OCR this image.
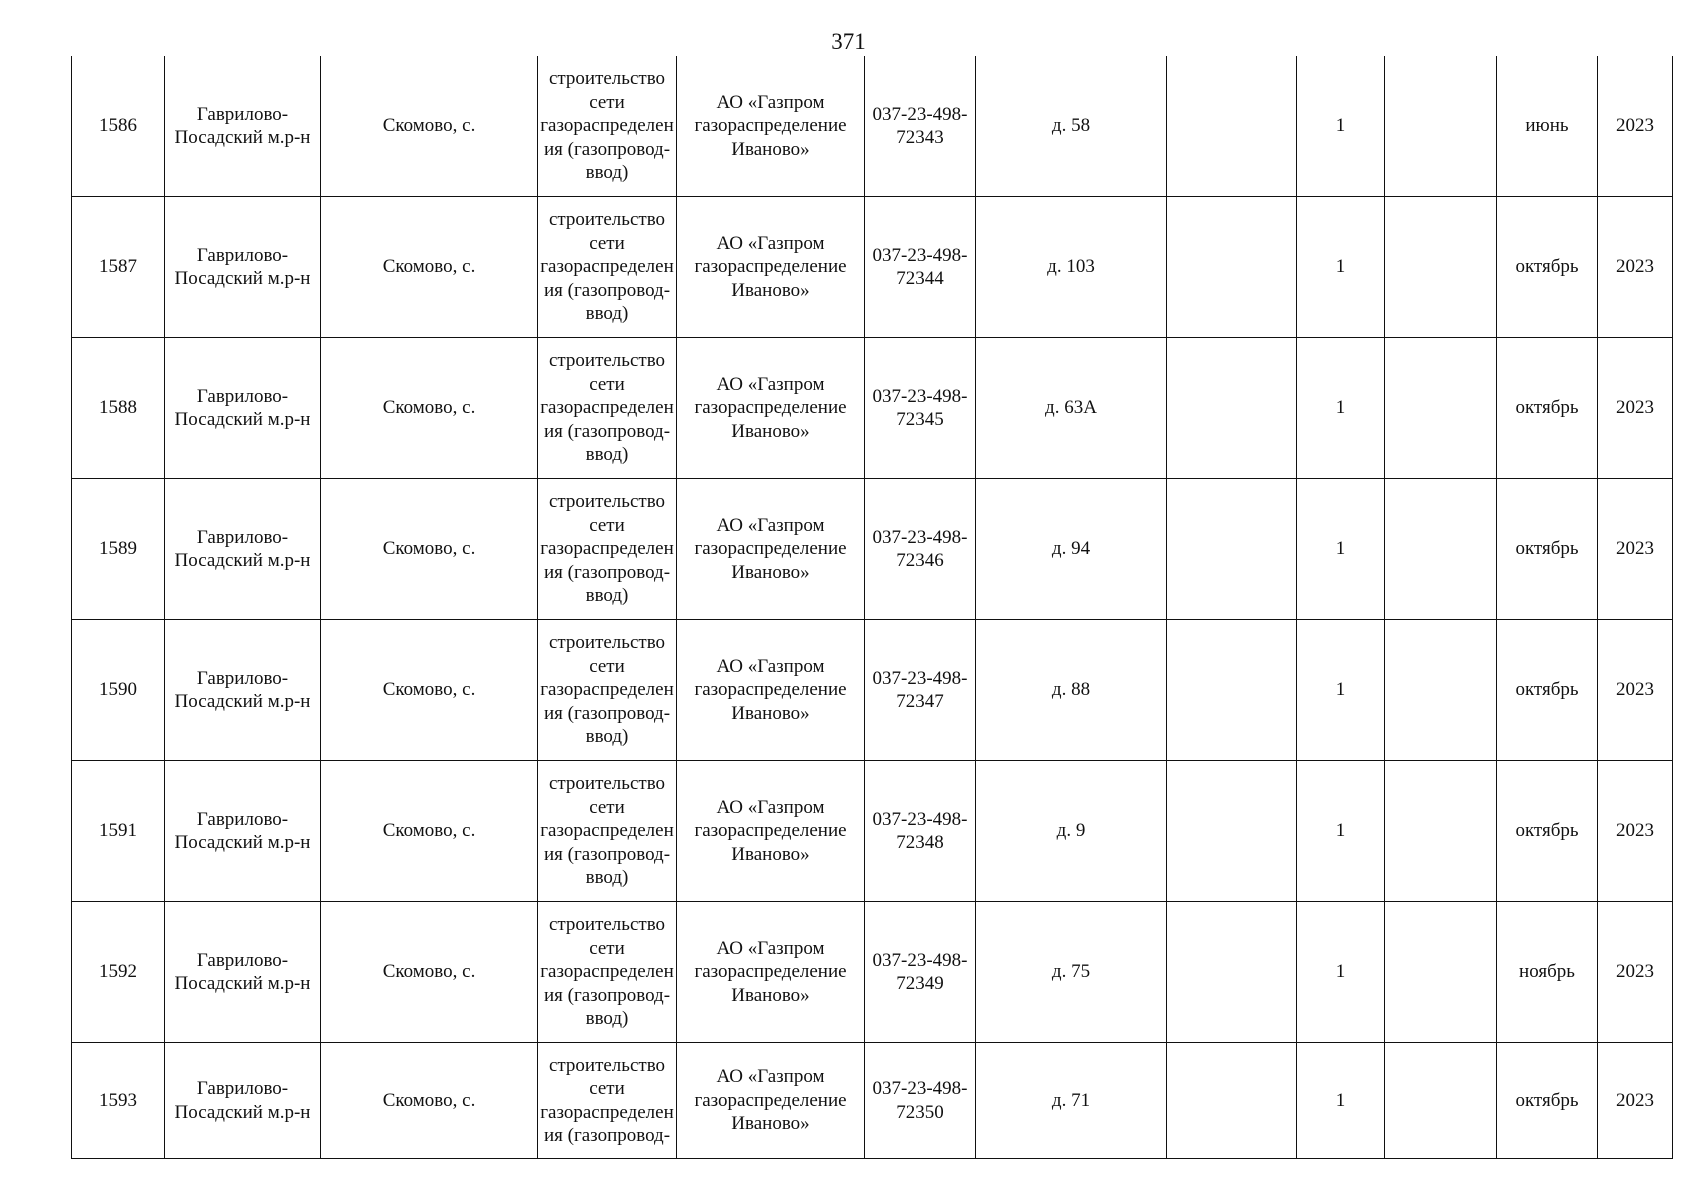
371
1586	Гаврилово-Посадский м.р-н	Скомово, с.	строительство сети газораспределения (газопровод-ввод)	АО «Газпром газораспределение Иваново»	037-23-498-72343	д. 58		1		июнь	2023
1587	Гаврилово-Посадский м.р-н	Скомово, с.	строительство сети газораспределения (газопровод-ввод)	АО «Газпром газораспределение Иваново»	037-23-498-72344	д. 103		1		октябрь	2023
1588	Гаврилово-Посадский м.р-н	Скомово, с.	строительство сети газораспределения (газопровод-ввод)	АО «Газпром газораспределение Иваново»	037-23-498-72345	д. 63А		1		октябрь	2023
1589	Гаврилово-Посадский м.р-н	Скомово, с.	строительство сети газораспределения (газопровод-ввод)	АО «Газпром газораспределение Иваново»	037-23-498-72346	д. 94		1		октябрь	2023
1590	Гаврилово-Посадский м.р-н	Скомово, с.	строительство сети газораспределения (газопровод-ввод)	АО «Газпром газораспределение Иваново»	037-23-498-72347	д. 88		1		октябрь	2023
1591	Гаврилово-Посадский м.р-н	Скомово, с.	строительство сети газораспределения (газопровод-ввод)	АО «Газпром газораспределение Иваново»	037-23-498-72348	д. 9		1		октябрь	2023
1592	Гаврилово-Посадский м.р-н	Скомово, с.	строительство сети газораспределения (газопровод-ввод)	АО «Газпром газораспределение Иваново»	037-23-498-72349	д. 75		1		ноябрь	2023
1593	Гаврилово-Посадский м.р-н	Скомово, с.	строительство сети газораспределения (газопровод-	АО «Газпром газораспределение Иваново»	037-23-498-72350	д. 71		1		октябрь	2023
